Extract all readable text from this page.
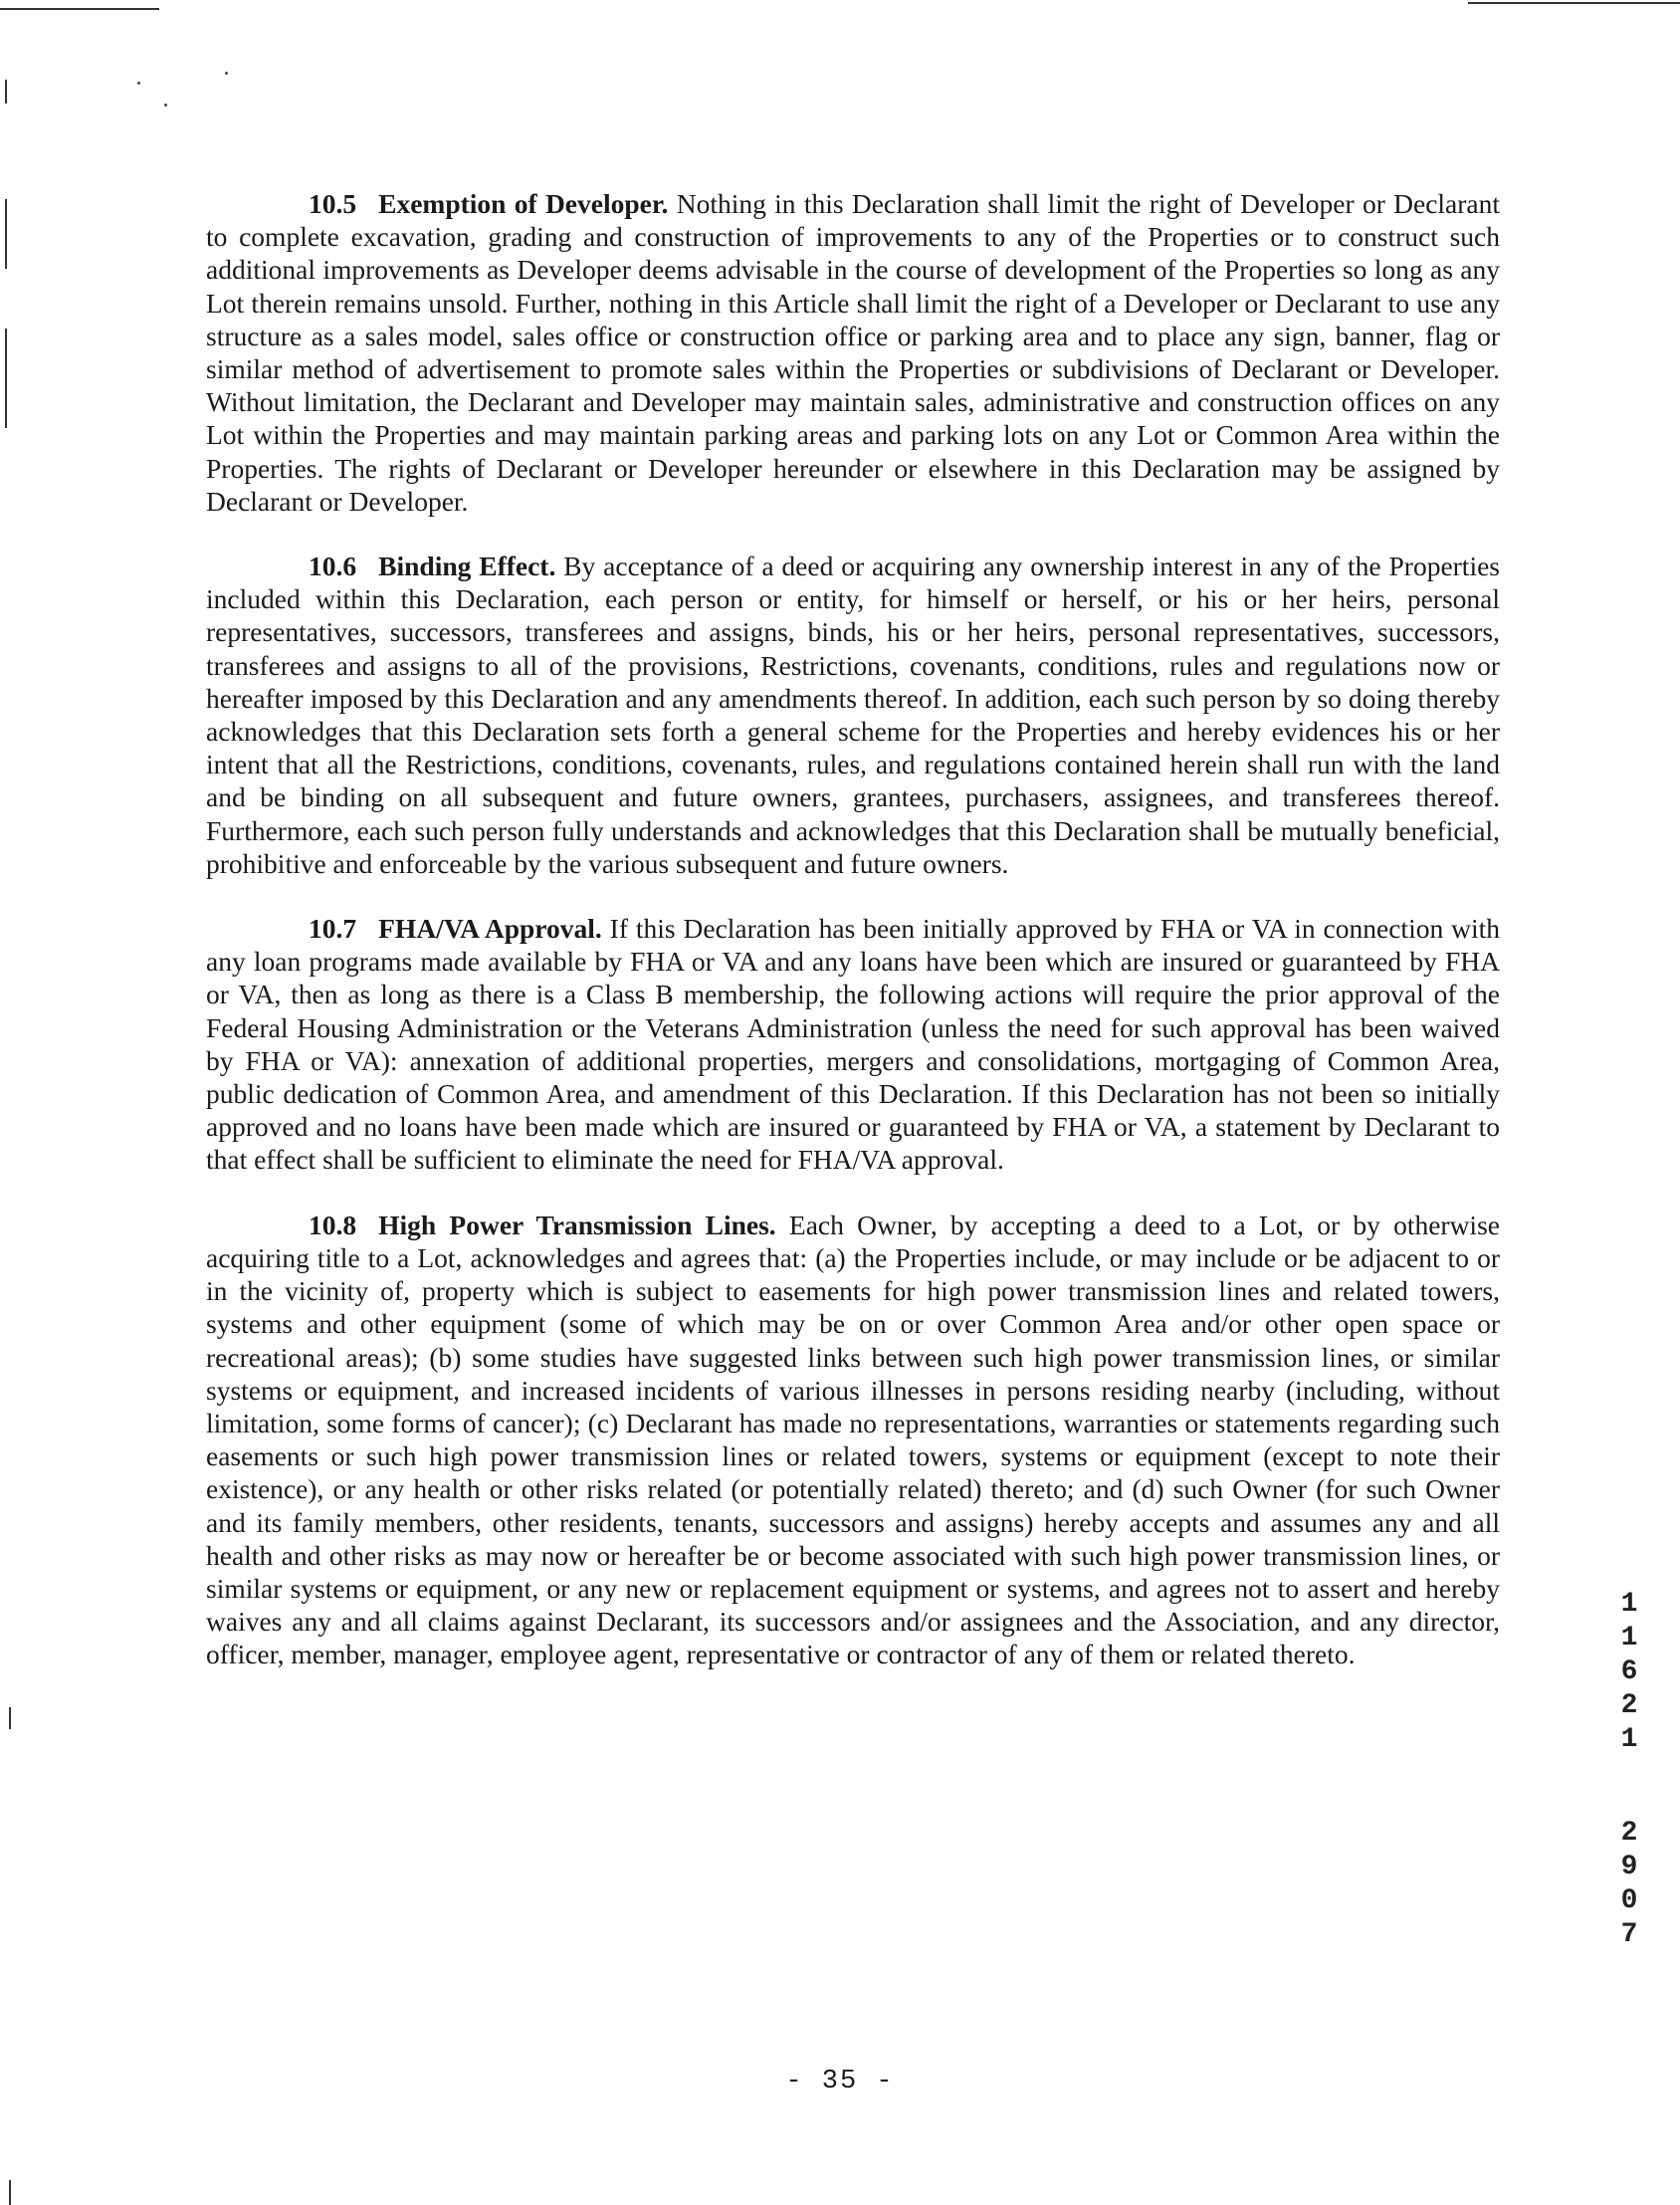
10.5 Exemption of Developer. Nothing in this Declaration shall limit the right of Developer or Declarant to complete excavation, grading and construction of improvements to any of the Properties or to construct such additional improvements as Developer deems advisable in the course of development of the Properties so long as any Lot therein remains unsold. Further, nothing in this Article shall limit the right of a Developer or Declarant to use any structure as a sales model, sales office or construction office or parking area and to place any sign, banner, flag or similar method of advertisement to promote sales within the Properties or subdivisions of Declarant or Developer. Without limitation, the Declarant and Developer may maintain sales, administrative and construction offices on any Lot within the Properties and may maintain parking areas and parking lots on any Lot or Common Area within the Properties. The rights of Declarant or Developer hereunder or elsewhere in this Declaration may be assigned by Declarant or Developer.

10.6 Binding Effect. By acceptance of a deed or acquiring any ownership interest in any of the Properties included within this Declaration, each person or entity, for himself or herself, or his or her heirs, personal representatives, successors, transferees and assigns, binds, his or her heirs, personal representatives, successors, transferees and assigns to all of the provisions, Restrictions, covenants, conditions, rules and regulations now or hereafter imposed by this Declaration and any amendments thereof. In addition, each such person by so doing thereby acknowledges that this Declaration sets forth a general scheme for the Properties and hereby evidences his or her intent that all the Restrictions, conditions, covenants, rules, and regulations contained herein shall run with the land and be binding on all subsequent and future owners, grantees, purchasers, assignees, and transferees thereof. Furthermore, each such person fully understands and acknowledges that this Declaration shall be mutually beneficial, prohibitive and enforceable by the various subsequent and future owners.

10.7 FHA/VA Approval. If this Declaration has been initially approved by FHA or VA in connection with any loan programs made available by FHA or VA and any loans have been which are insured or guaranteed by FHA or VA, then as long as there is a Class B membership, the following actions will require the prior approval of the Federal Housing Administration or the Veterans Administration (unless the need for such approval has been waived by FHA or VA): annexation of additional properties, mergers and consolidations, mortgaging of Common Area, public dedication of Common Area, and amendment of this Declaration. If this Declaration has not been so initially approved and no loans have been made which are insured or guaranteed by FHA or VA, a statement by Declarant to that effect shall be sufficient to eliminate the need for FHA/VA approval.

10.8 High Power Transmission Lines. Each Owner, by accepting a deed to a Lot, or by otherwise acquiring title to a Lot, acknowledges and agrees that: (a) the Properties include, or may include or be adjacent to or in the vicinity of, property which is subject to easements for high power transmission lines and related towers, systems and other equipment (some of which may be on or over Common Area and/or other open space or recreational areas); (b) some studies have suggested links between such high power transmission lines, or similar systems or equipment, and increased incidents of various illnesses in persons residing nearby (including, without limitation, some forms of cancer); (c) Declarant has made no representations, warranties or statements regarding such easements or such high power transmission lines or related towers, systems or equipment (except to note their existence), or any health or other risks related (or potentially related) thereto; and (d) such Owner (for such Owner and its family members, other residents, tenants, successors and assigns) hereby accepts and assumes any and all health and other risks as may now or hereafter be or become associated with such high power transmission lines, or similar systems or equipment, or any new or replacement equipment or systems, and agrees not to assert and hereby waives any and all claims against Declarant, its successors and/or assignees and the Association, and any director, officer, member, manager, employee agent, representative or contractor of any of them or related thereto.

1
1
6
2
1
2
9
0
7
- 35 -
